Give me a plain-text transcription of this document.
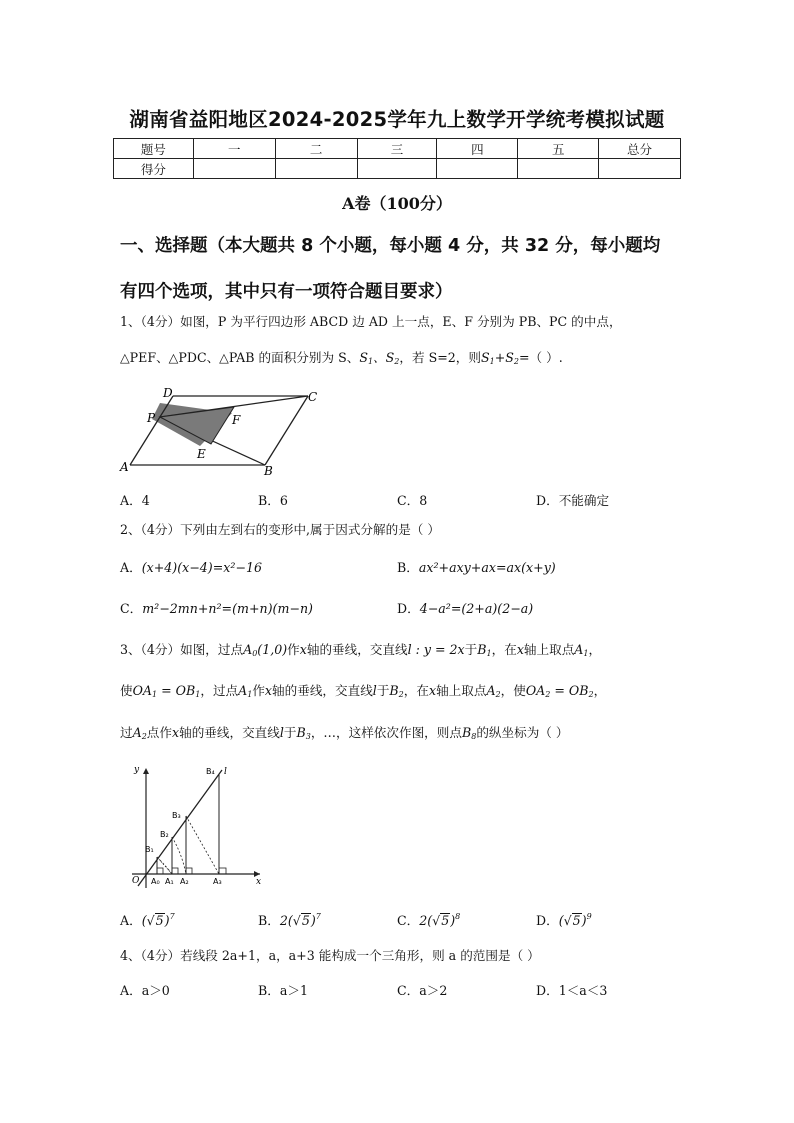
湖南省益阳地区2024-2025学年九上数学开学统考模拟试题
题号	一	二	三	四	五	总分
得分						
A卷（100分）
一、选择题（本大题共 8 个小题，每小题 4 分，共 32 分，每小题均
有四个选项，其中只有一项符合题目要求）
1、（4分）如图，P 为平行四边形 ABCD 边 AD 上一点，E、F 分别为 PB、PC 的中点，
△PEF、△PDC、△PAB 的面积分别为 S、$S_1$、$S_2$，若 S=2，则$S_1+S_2=$（ ）.
D	C
P	F
E
A	B
A．4	B．6	C．8	D．不能确定
2、（4分）下列由左到右的变形中,属于因式分解的是（ ）
A．(x+4)(x−4)=x²−16	B．ax²+axy+ax=ax(x+y)
C．m²−2mn+n²=(m+n)(m−n)	D．4−a²=(2+a)(2−a)
3、（4分）如图，过点$A_0(1,0)$作x轴的垂线，交直线l : y = 2x于$B_1$，在x轴上取点$A_1$，
使$OA_1 = OB_1$，过点$A_1$作x轴的垂线，交直线l于$B_2$，在x轴上取点$A_2$，使$OA_2 = OB_2$，
过$A_2$点作x轴的垂线，交直线l于$B_3$，…，这样依次作图，则点$B_8$的纵坐标为（ ）
y	l
B₄
B₃
B₂
B₁
O A₀ A₁ A₂	A₃	x
A．$(√5)^7$	B．$2(√5)^7$	C．$2(√5)^8$	D．$(√5)^9$
4、（4分）若线段 2a+1，a，a+3 能构成一个三角形，则 a 的范围是（ ）
A．a＞0	B．a＞1	C．a＞2	D．1＜a＜3
